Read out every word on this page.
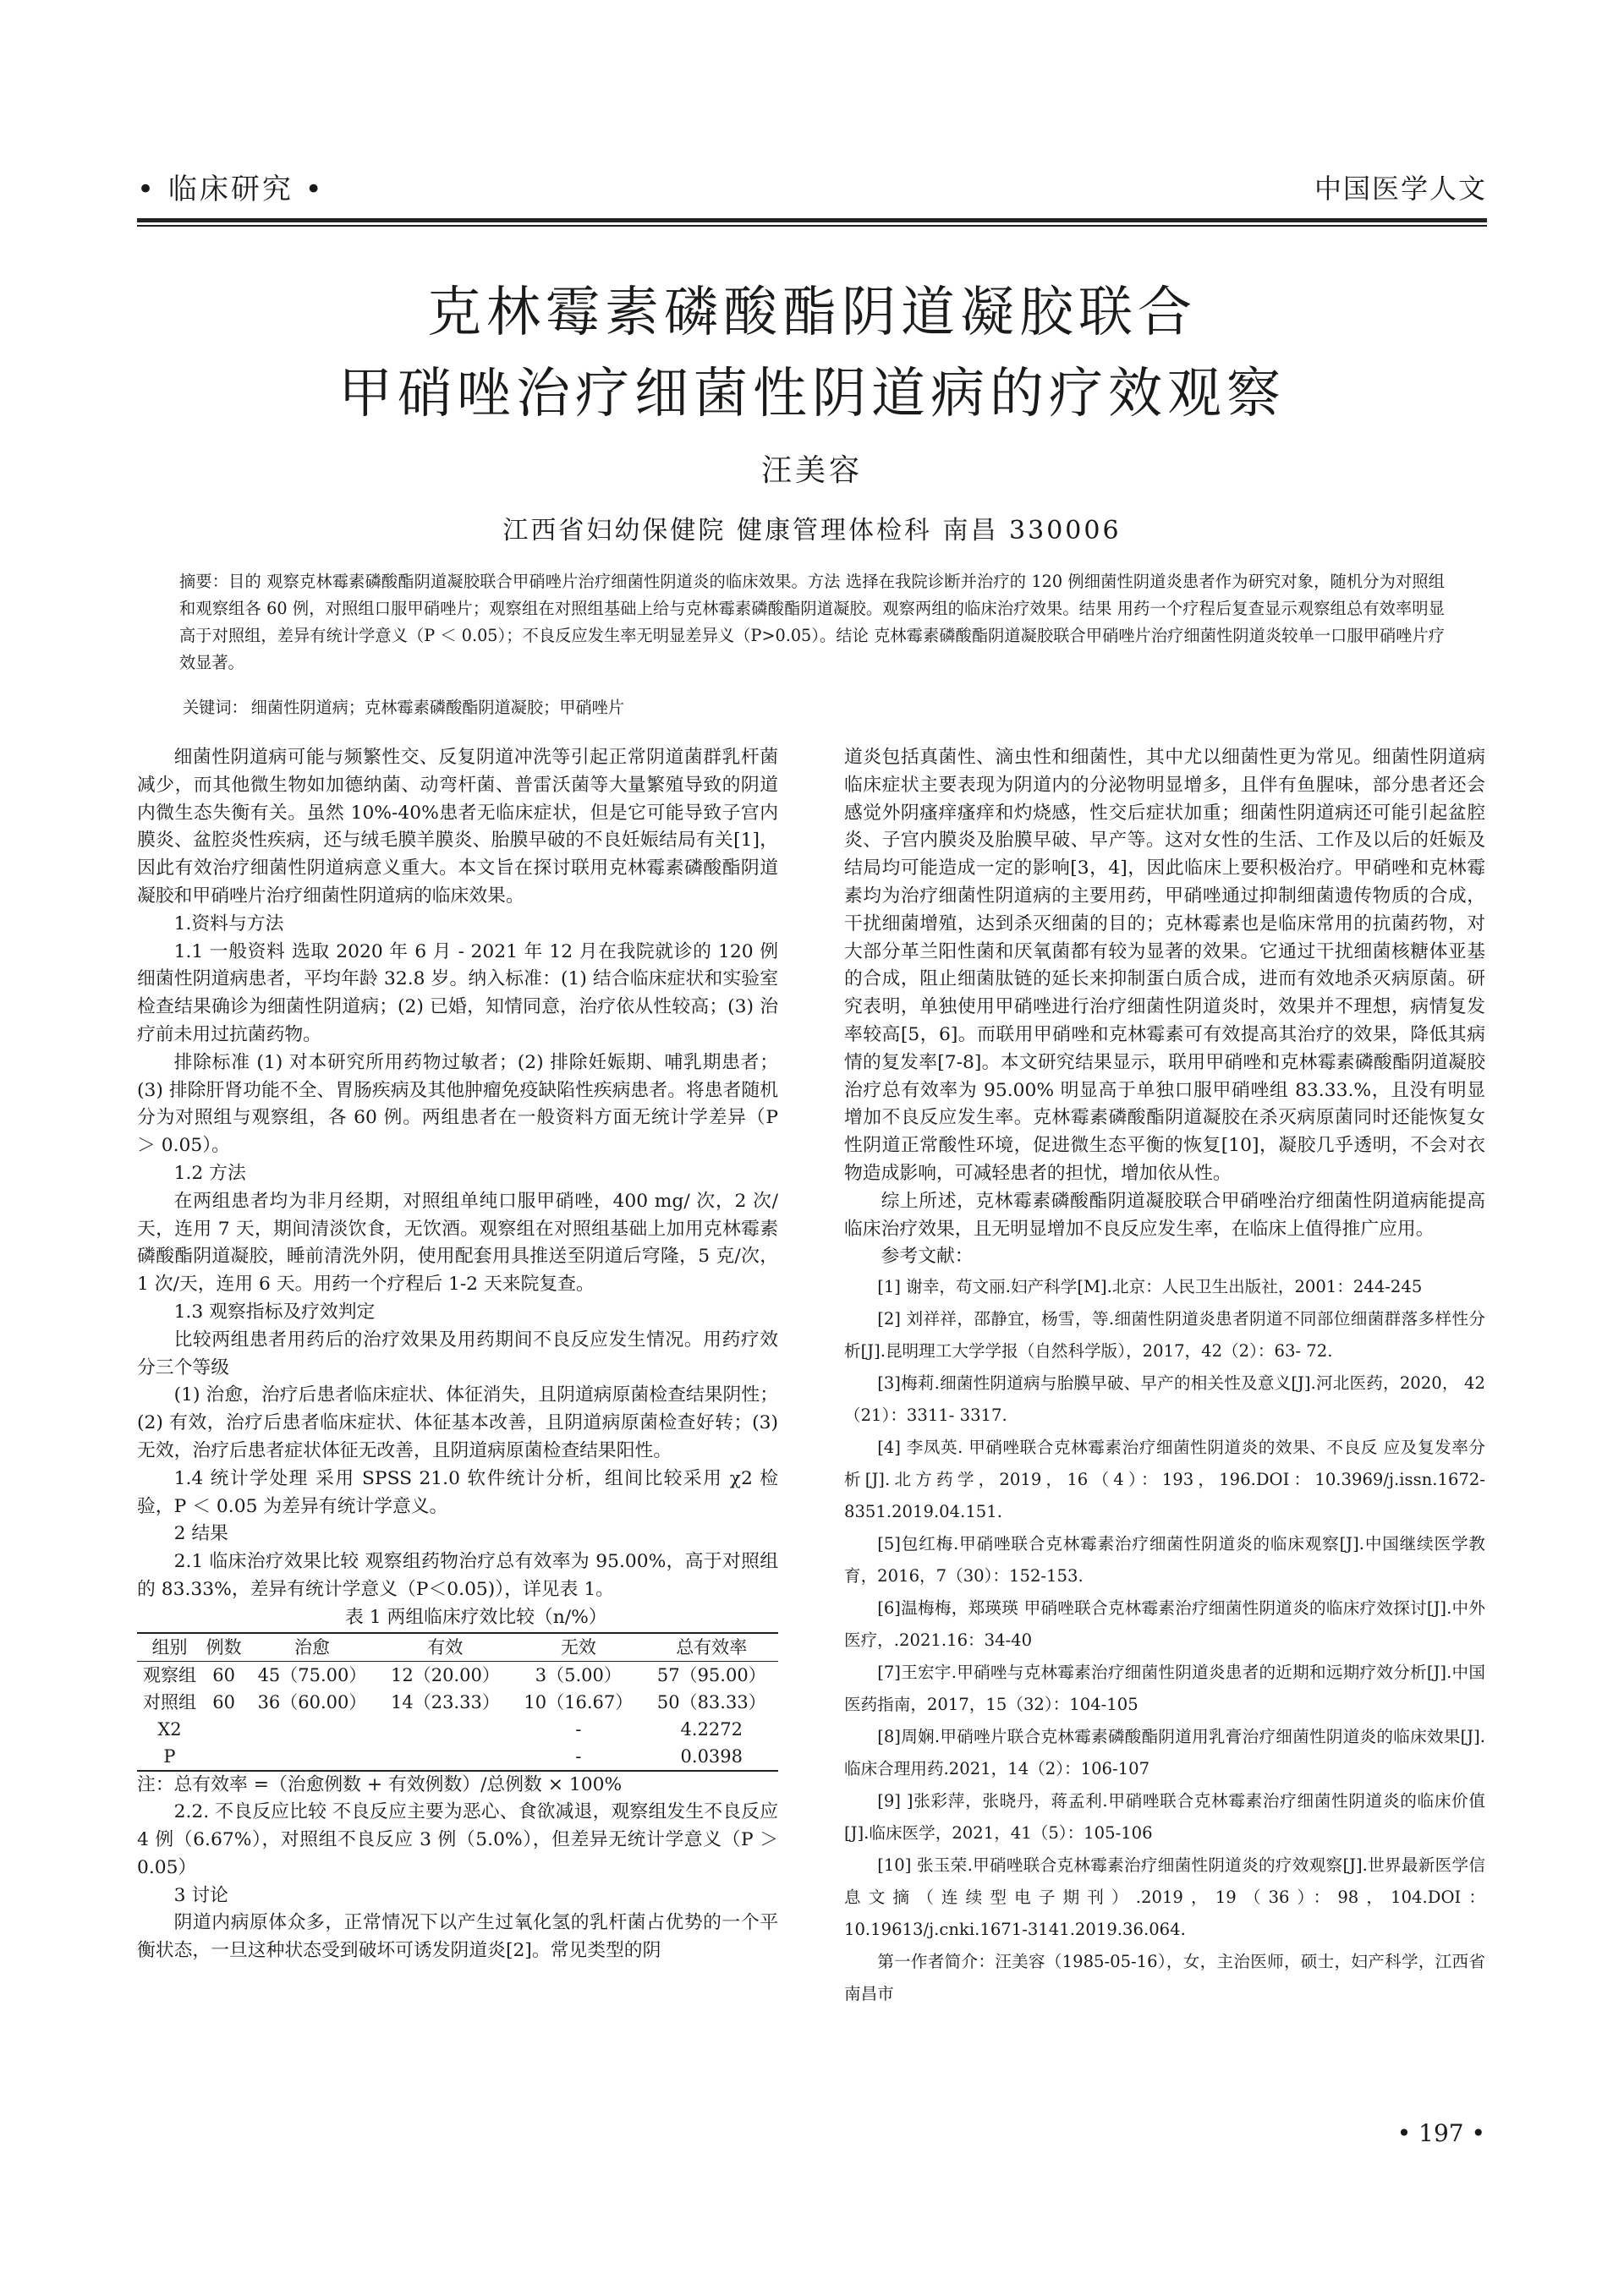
• 临床研究 •	中国医学人文
克林霉素磷酸酯阴道凝胶联合
甲硝唑治疗细菌性阴道病的疗效观察
汪美容
江西省妇幼保健院 健康管理体检科 南昌 330006
摘要：目的 观察克林霉素磷酸酯阴道凝胶联合甲硝唑片治疗细菌性阴道炎的临床效果。方法 选择在我院诊断并治疗的 120 例细菌性阴道炎患者作为研究对象，随机分为对照组和观察组各 60 例，对照组口服甲硝唑片；观察组在对照组基础上给与克林霉素磷酸酯阴道凝胶。观察两组的临床治疗效果。结果 用药一个疗程后复查显示观察组总有效率明显高于对照组，差异有统计学意义（P ＜ 0.05）；不良反应发生率无明显差异义（P>0.05）。结论 克林霉素磷酸酯阴道凝胶联合甲硝唑片治疗细菌性阴道炎较单一口服甲硝唑片疗效显著。
关键词： 细菌性阴道病；克林霉素磷酸酯阴道凝胶；甲硝唑片

细菌性阴道病可能与频繁性交、反复阴道冲洗等引起正常阴道菌群乳杆菌减少，而其他微生物如加德纳菌、动弯杆菌、普雷沃菌等大量繁殖导致的阴道内微生态失衡有关。虽然 10%-40%患者无临床症状，但是它可能导致子宫内膜炎、盆腔炎性疾病，还与绒毛膜羊膜炎、胎膜早破的不良妊娠结局有关[1]，因此有效治疗细菌性阴道病意义重大。本文旨在探讨联用克林霉素磷酸酯阴道凝胶和甲硝唑片治疗细菌性阴道病的临床效果。

1.资料与方法

1.1 一般资料 选取 2020 年 6 月 - 2021 年 12 月在我院就诊的 120 例细菌性阴道病患者，平均年龄 32.8 岁。纳入标准：(1) 结合临床症状和实验室检查结果确诊为细菌性阴道病；(2) 已婚，知情同意，治疗依从性较高；(3) 治疗前未用过抗菌药物。

排除标准 (1) 对本研究所用药物过敏者；(2) 排除妊娠期、哺乳期患者；(3) 排除肝肾功能不全、胃肠疾病及其他肿瘤免疫缺陷性疾病患者。将患者随机分为对照组与观察组，各 60 例。两组患者在一般资料方面无统计学差异（P ＞ 0.05）。

1.2 方法

在两组患者均为非月经期，对照组单纯口服甲硝唑，400 mg/ 次，2 次/天，连用 7 天，期间清淡饮食，无饮酒。观察组在对照组基础上加用克林霉素磷酸酯阴道凝胶，睡前清洗外阴，使用配套用具推送至阴道后穹隆，5 克/次，1 次/天，连用 6 天。用药一个疗程后 1-2 天来院复查。

1.3 观察指标及疗效判定

比较两组患者用药后的治疗效果及用药期间不良反应发生情况。用药疗效分三个等级

(1) 治愈，治疗后患者临床症状、体征消失，且阴道病原菌检查结果阴性；(2) 有效，治疗后患者临床症状、体征基本改善，且阴道病原菌检查好转；(3) 无效，治疗后患者症状体征无改善，且阴道病原菌检查结果阳性。

1.4 统计学处理 采用 SPSS 21.0 软件统计分析，组间比较采用 χ2 检验，P ＜ 0.05 为差异有统计学意义。

2 结果

2.1 临床治疗效果比较 观察组药物治疗总有效率为 95.00%，高于对照组的 83.33%，差异有统计学意义（P＜0.05)），详见表 1。

表 1 两组临床疗效比较（n/%）

组别	例数	治愈	有效	无效	总有效率
观察组	60	45（75.00）	12（20.00）	3（5.00）	57（95.00）
对照组	60	36（60.00）	14（23.33）	10（16.67）	50（83.33）
X2				-	4.2272
P				-	0.0398

注：总有效率 =（治愈例数 + 有效例数）/总例数 × 100%

2.2. 不良反应比较 不良反应主要为恶心、食欲减退，观察组发生不良反应 4 例（6.67%），对照组不良反应 3 例（5.0%），但差异无统计学意义（P ＞ 0.05）

3 讨论

阴道内病原体众多，正常情况下以产生过氧化氢的乳杆菌占优势的一个平衡状态，一旦这种状态受到破坏可诱发阴道炎[2]。常见类型的阴

道炎包括真菌性、滴虫性和细菌性，其中尤以细菌性更为常见。细菌性阴道病临床症状主要表现为阴道内的分泌物明显增多，且伴有鱼腥味，部分患者还会感觉外阴瘙痒瘙痒和灼烧感，性交后症状加重；细菌性阴道病还可能引起盆腔炎、子宫内膜炎及胎膜早破、早产等。这对女性的生活、工作及以后的妊娠及结局均可能造成一定的影响[3，4]，因此临床上要积极治疗。甲硝唑和克林霉素均为治疗细菌性阴道病的主要用药，甲硝唑通过抑制细菌遗传物质的合成，干扰细菌增殖，达到杀灭细菌的目的；克林霉素也是临床常用的抗菌药物，对大部分革兰阳性菌和厌氧菌都有较为显著的效果。它通过干扰细菌核糖体亚基的合成，阻止细菌肽链的延长来抑制蛋白质合成，进而有效地杀灭病原菌。研究表明，单独使用甲硝唑进行治疗细菌性阴道炎时，效果并不理想，病情复发率较高[5，6]。而联用甲硝唑和克林霉素可有效提高其治疗的效果，降低其病情的复发率[7-8]。本文研究结果显示，联用甲硝唑和克林霉素磷酸酯阴道凝胶治疗总有效率为 95.00% 明显高于单独口服甲硝唑组 83.33.%，且没有明显增加不良反应发生率。克林霉素磷酸酯阴道凝胶在杀灭病原菌同时还能恢复女性阴道正常酸性环境，促进微生态平衡的恢复[10]，凝胶几乎透明，不会对衣物造成影响，可减轻患者的担忧，增加依从性。

综上所述，克林霉素磷酸酯阴道凝胶联合甲硝唑治疗细菌性阴道病能提高临床治疗效果，且无明显增加不良反应发生率，在临床上值得推广应用。

参考文献：

[1] 谢幸，苟文丽.妇产科学[M].北京：人民卫生出版社，2001：244-245

[2] 刘祥祥，邵静宜，杨雪，等.细菌性阴道炎患者阴道不同部位细菌群落多样性分析[J].昆明理工大学学报（自然科学版），2017，42（2）：63- 72.

[3]梅莉.细菌性阴道病与胎膜早破、早产的相关性及意义[J].河北医药，2020， 42（21）：3311- 3317.

[4] 李凤英. 甲硝唑联合克林霉素治疗细菌性阴道炎的效果、不良反 应及复发率分析[J].北方药学，2019，16（4）：193，196.DOI：10.3969/j.issn.1672-8351.2019.04.151.

[5]包红梅.甲硝唑联合克林霉素治疗细菌性阴道炎的临床观察[J].中国继续医学教育，2016，7（30）：152-153.

[6]温梅梅，郑瑛瑛 甲硝唑联合克林霉素治疗细菌性阴道炎的临床疗效探讨[J].中外医疗，.2021.16：34-40

[7]王宏宇.甲硝唑与克林霉素治疗细菌性阴道炎患者的近期和远期疗效分析[J].中国医药指南，2017，15（32）：104-105

[8]周娴.甲硝唑片联合克林霉素磷酸酯阴道用乳膏治疗细菌性阴道炎的临床效果[J].临床合理用药.2021，14（2）：106-107

[9] ]张彩萍，张晓丹，蒋孟利.甲硝唑联合克林霉素治疗细菌性阴道炎的临床价值[J].临床医学，2021，41（5）：105-106

[10] 张玉荣.甲硝唑联合克林霉素治疗细菌性阴道炎的疗效观察[J].世界最新医学信息文摘（连续型电子期刊）.2019，19（36）：98，104.DOI：10.19613/j.cnki.1671-3141.2019.36.064.

第一作者简介：汪美容（1985-05-16），女，主治医师，硕士，妇产科学，江西省南昌市

• 197 •
